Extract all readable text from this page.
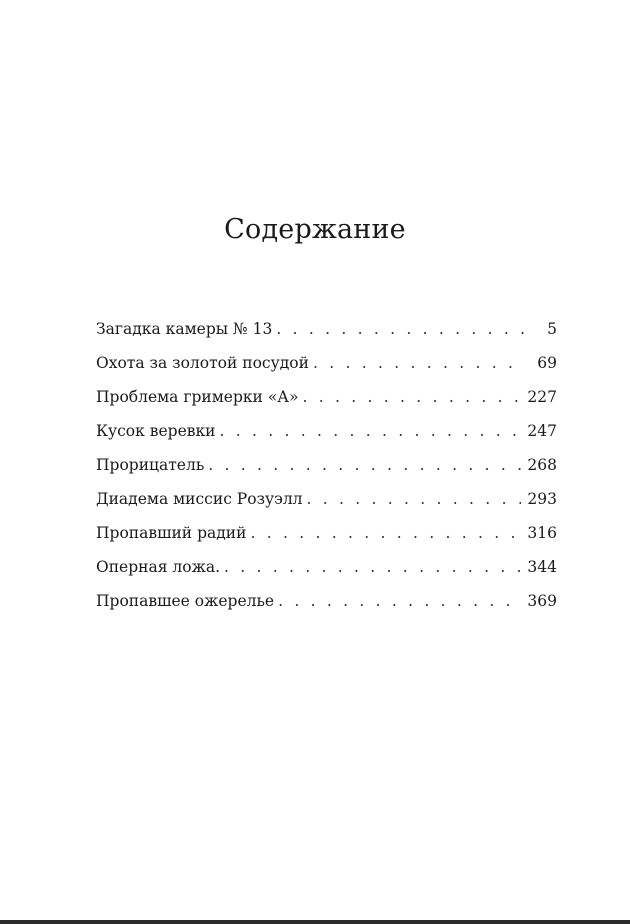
Содержание
Загадка камеры № 13 . . .	5
Охота за золотой посудой . . .	69
Проблема гримерки «А» . . .	227
Кусок веревки . . .	247
Прорицатель . . .	268
Диадема миссис Розуэлл . . .	293
Пропавший радий . . .	316
Оперная ложа. . . .	344
Пропавшее ожерелье . . .	369
